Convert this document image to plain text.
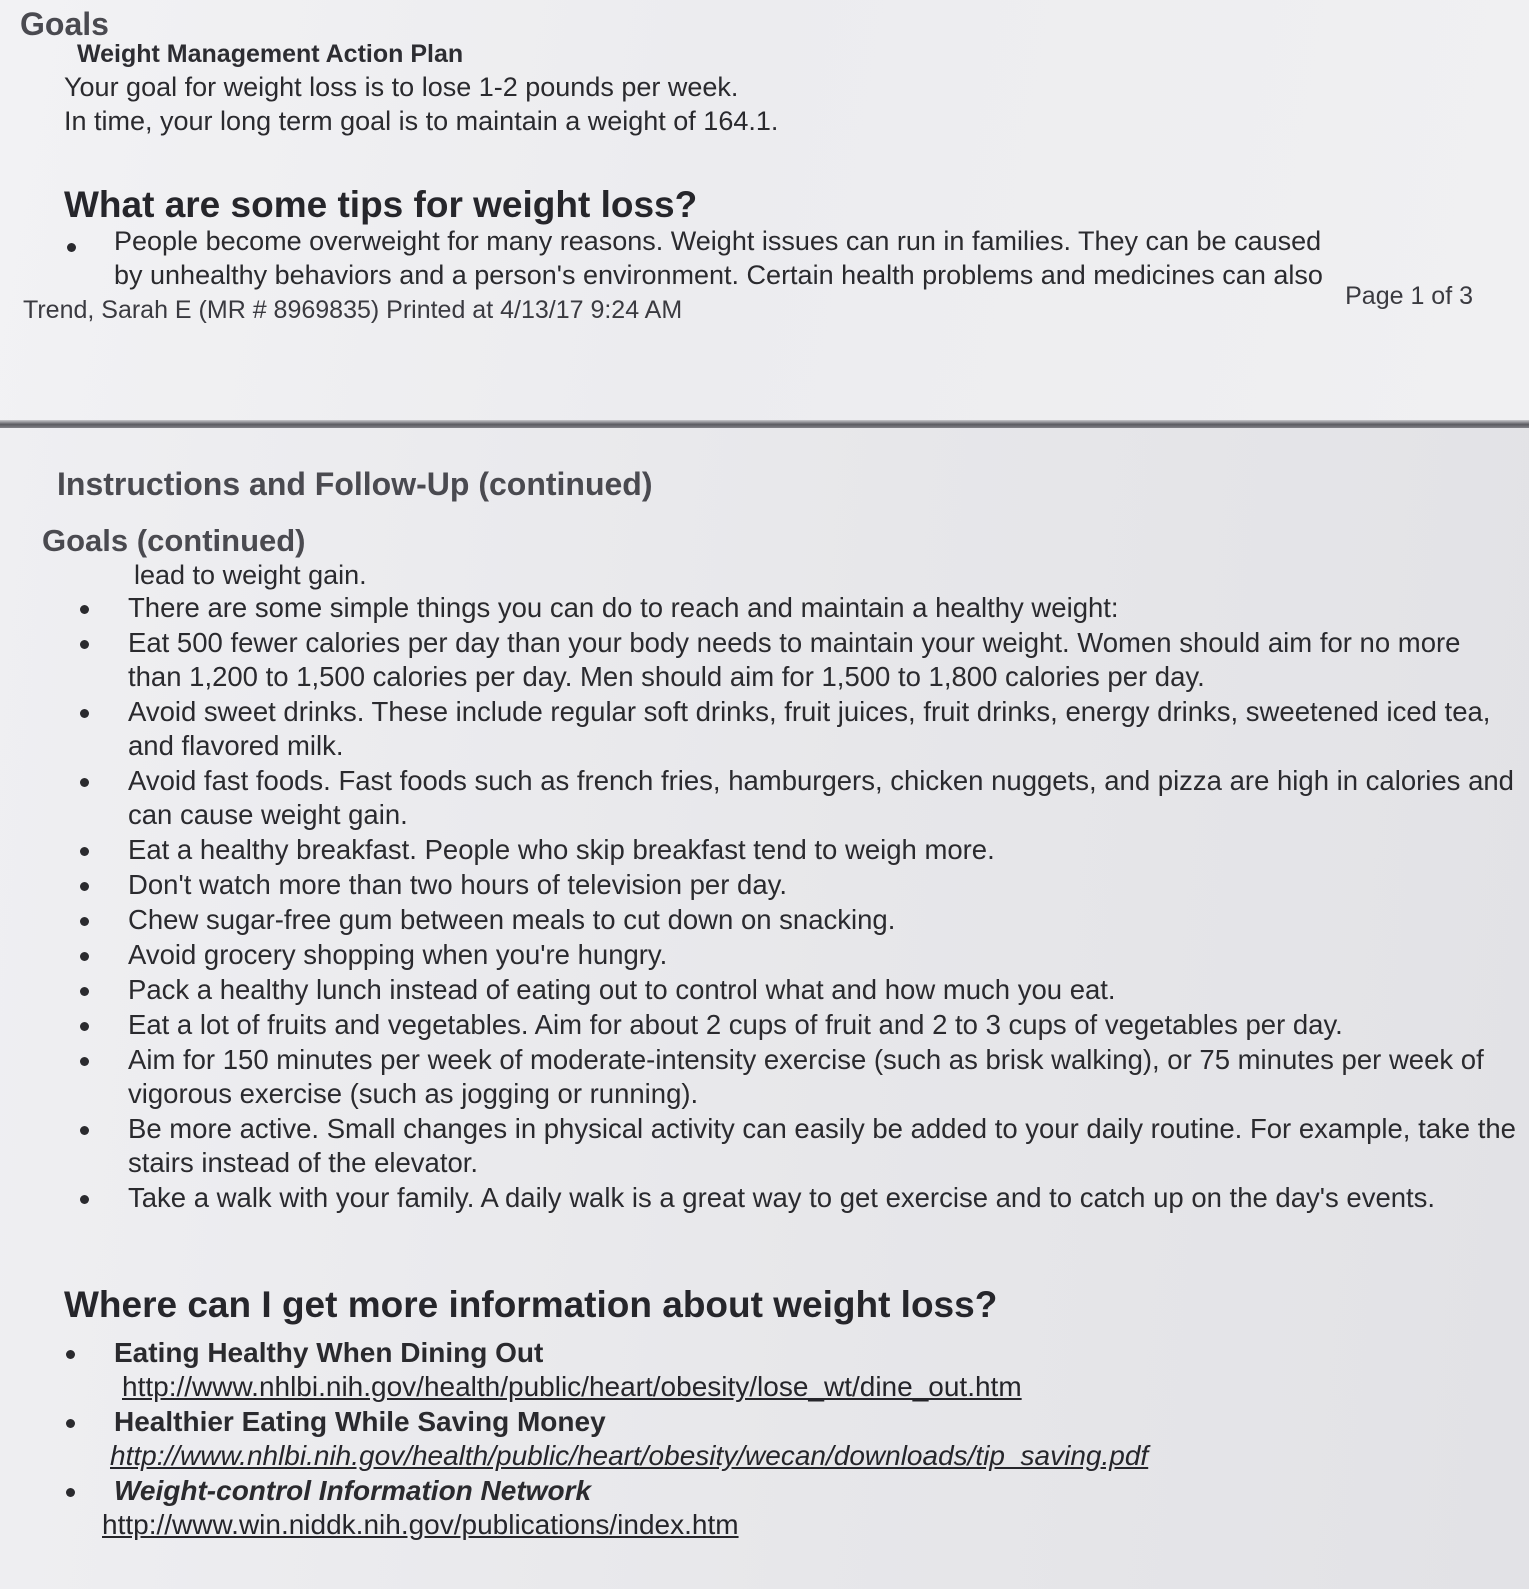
Goals
Weight Management Action Plan
Your goal for weight loss is to lose 1-2 pounds per week.
In time, your long term goal is to maintain a weight of 164.1.
What are some tips for weight loss?
People become overweight for many reasons. Weight issues can run in families. They can be caused
by unhealthy behaviors and a person's environment. Certain health problems and medicines can also
Trend, Sarah E (MR # 8969835) Printed at 4/13/17 9:24 AM	Page 1 of 3
Instructions and Follow-Up (continued)
Goals (continued)
lead to weight gain.
There are some simple things you can do to reach and maintain a healthy weight:
Eat 500 fewer calories per day than your body needs to maintain your weight. Women should aim for no more than 1,200 to 1,500 calories per day. Men should aim for 1,500 to 1,800 calories per day.
Avoid sweet drinks. These include regular soft drinks, fruit juices, fruit drinks, energy drinks, sweetened iced tea, and flavored milk.
Avoid fast foods. Fast foods such as french fries, hamburgers, chicken nuggets, and pizza are high in calories and can cause weight gain.
Eat a healthy breakfast. People who skip breakfast tend to weigh more.
Don't watch more than two hours of television per day.
Chew sugar-free gum between meals to cut down on snacking.
Avoid grocery shopping when you're hungry.
Pack a healthy lunch instead of eating out to control what and how much you eat.
Eat a lot of fruits and vegetables. Aim for about 2 cups of fruit and 2 to 3 cups of vegetables per day.
Aim for 150 minutes per week of moderate-intensity exercise (such as brisk walking), or 75 minutes per week of vigorous exercise (such as jogging or running).
Be more active. Small changes in physical activity can easily be added to your daily routine. For example, take the stairs instead of the elevator.
Take a walk with your family. A daily walk is a great way to get exercise and to catch up on the day's events.
Where can I get more information about weight loss?
Eating Healthy When Dining Out
http://www.nhlbi.nih.gov/health/public/heart/obesity/lose_wt/dine_out.htm
Healthier Eating While Saving Money
http://www.nhlbi.nih.gov/health/public/heart/obesity/wecan/downloads/tip_saving.pdf
Weight-control Information Network
http://www.win.niddk.nih.gov/publications/index.htm
